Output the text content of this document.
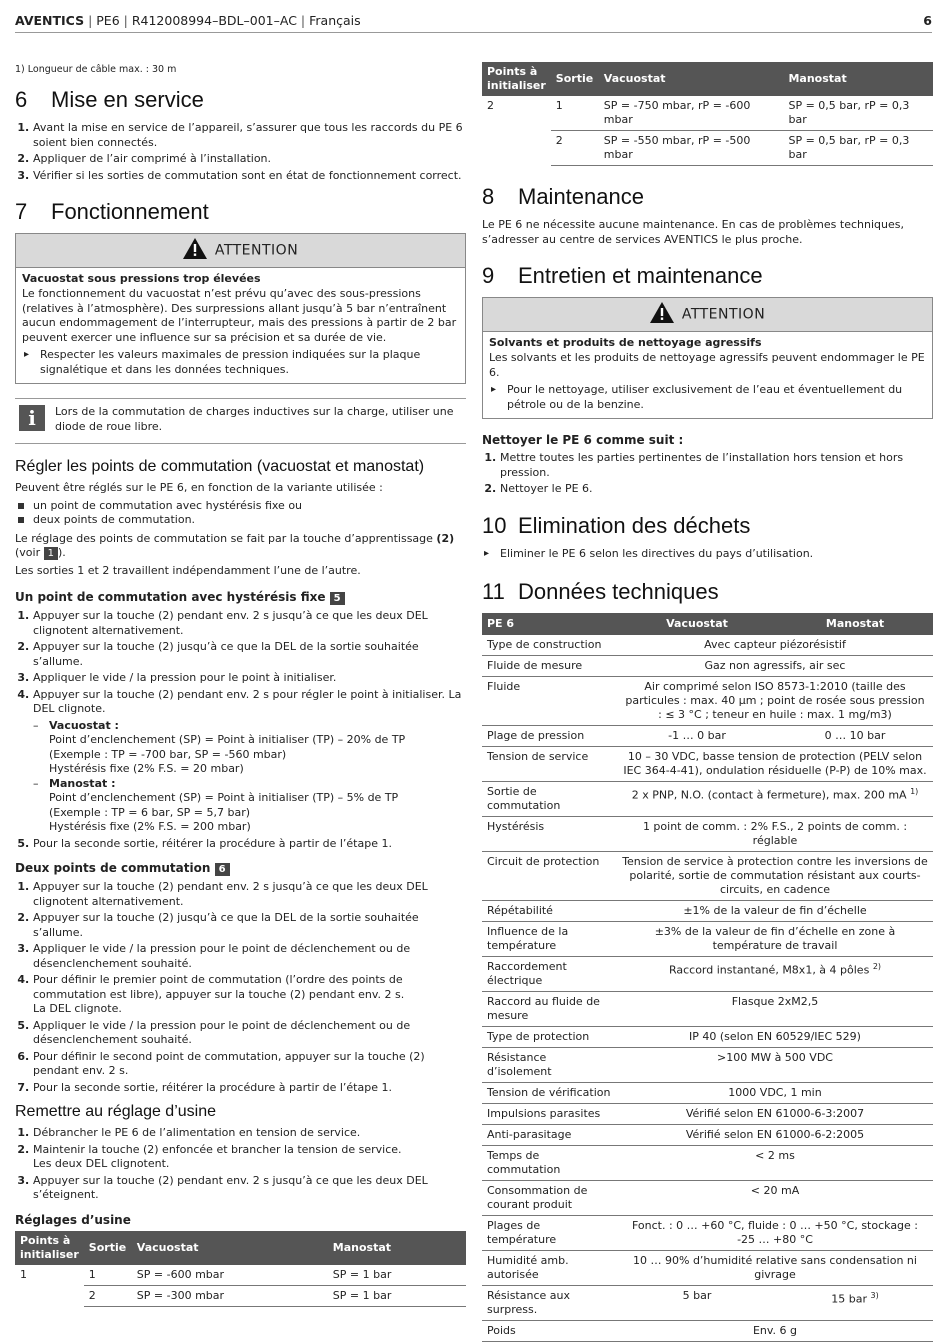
AVENTICS | PE6 | R412008994–BDL–001–AC | Français	6
1) Longueur de câble max. : 30 m
6 Mise en service
1. Avant la mise en service de l’appareil, s’assurer que tous les raccords du PE 6 soient bien connectés.
2. Appliquer de l’air comprimé à l’installation.
3. Vérifier si les sorties de commutation sont en état de fonctionnement correct.
7 Fonctionnement
ATTENTION
Vacuostat sous pressions trop élevées

Le fonctionnement du vacuostat n’est prévu qu’avec des sous-pressions (relatives à l’atmosphère). Des surpressions allant jusqu’à 5 bar n’entraînent aucun endommagement de l’interrupteur, mais des pressions à partir de 2 bar peuvent exercer une influence sur sa précision et sa durée de vie.

▸ Respecter les valeurs maximales de pression indiquées sur la plaque signalétique et dans les données techniques.
i	Lors de la commutation de charges inductives sur la charge, utiliser une diode de roue libre.

Régler les points de commutation (vacuostat et manostat)

Peuvent être réglés sur le PE 6, en fonction de la variante utilisée :

un point de commutation avec hystérésis fixe ou
deux points de commutation.

Le réglage des points de commutation se fait par la touche d’apprentissage (2) (voir 1 ).

Les sorties 1 et 2 travaillent indépendamment l’une de l’autre.

Un point de commutation avec hystérésis fixe 5
1. Appuyer sur la touche (2) pendant env. 2 s jusqu’à ce que les deux DEL clignotent alternativement.
2. Appuyer sur la touche (2) jusqu’à ce que la DEL de la sortie souhaitée s’allume.
3. Appliquer le vide / la pression pour le point à initialiser.
4. Appuyer sur la touche (2) pendant env. 2 s pour régler le point à initialiser. La DEL clignote.
– Vacuostat :
Point d’enclenchement (SP) = Point à initialiser (TP) – 20% de TP
(Exemple : TP = -700 bar, SP = -560 mbar)
Hystérésis fixe (2% F.S. = 20 mbar)
– Manostat :
Point d’enclenchement (SP) = Point à initialiser (TP) – 5% de TP
(Exemple : TP = 6 bar, SP = 5,7 bar)
Hystérésis fixe (2% F.S. = 200 mbar)
5. Pour la seconde sortie, réitérer la procédure à partir de l’étape 1.
Deux points de commutation 6
1. Appuyer sur la touche (2) pendant env. 2 s jusqu’à ce que les deux DEL clignotent alternativement.
2. Appuyer sur la touche (2) jusqu’à ce que la DEL de la sortie souhaitée s’allume.
3. Appliquer le vide / la pression pour le point de déclenchement ou de désenclenchement souhaité.
4. Pour définir le premier point de commutation (l’ordre des points de commutation est libre), appuyer sur la touche (2) pendant env. 2 s.
La DEL clignote.
5. Appliquer le vide / la pression pour le point de déclenchement ou de désenclenchement souhaité.
6. Pour définir le second point de commutation, appuyer sur la touche (2) pendant env. 2 s.
7. Pour la seconde sortie, réitérer la procédure à partir de l’étape 1.
Remettre au réglage d’usine
1. Débrancher le PE 6 de l’alimentation en tension de service.
2. Maintenir la touche (2) enfoncée et brancher la tension de service.
Les deux DEL clignotent.
3. Appuyer sur la touche (2) pendant env. 2 s jusqu’à ce que les deux DEL s’éteignent.
Réglages d’usine
Points à initialiser	Sortie	Vacuostat	Manostat
1	1	SP = -600 mbar	SP = 1 bar
	2	SP = -300 mbar	SP = 1 bar
Points à initialiser	Sortie	Vacuostat	Manostat
2	1	SP = -750 mbar, rP = -600 mbar	SP = 0,5 bar, rP = 0,3 bar
	2	SP = -550 mbar, rP = -500 mbar	SP = 0,5 bar, rP = 0,3 bar
8 Maintenance

Le PE 6 ne nécessite aucune maintenance. En cas de problèmes techniques, s’adresser au centre de services AVENTICS le plus proche.

9 Entretien et maintenance
ATTENTION
Solvants et produits de nettoyage agressifs

Les solvants et les produits de nettoyage agressifs peuvent endommager le PE 6.

▸ Pour le nettoyage, utiliser exclusivement de l’eau et éventuellement du pétrole ou de la benzine.
Nettoyer le PE 6 comme suit :
1. Mettre toutes les parties pertinentes de l’installation hors tension et hors pression.
2. Nettoyer le PE 6.
10 Elimination des déchets
▸ Eliminer le PE 6 selon les directives du pays d’utilisation.
11 Données techniques
PE 6	Vacuostat	Manostat
Type de construction	Avec capteur piézorésistif	
Fluide de mesure	Gaz non agressifs, air sec	
Fluide	Air comprimé selon ISO 8573-1:2010 (taille des particules : max. 40 µm ; point de rosée sous pression : ≤ 3 °C ; teneur en huile : max. 1 mg/m3)	
Plage de pression	-1 … 0 bar	0 … 10 bar
Tension de service	10 – 30 VDC, basse tension de protection (PELV selon IEC 364-4-41), ondulation résiduelle (P-P) de 10% max.	
Sortie de commutation	2 x PNP, N.O. (contact à fermeture), max. 200 mA $^{1)}$
Hystérésis	1 point de comm. : 2% F.S., 2 points de comm. : réglable	
Circuit de protection	Tension de service à protection contre les inversions de polarité, sortie de commutation résistant aux courts-circuits, en cadence	
Répétabilité	±1% de la valeur de fin d’échelle	
Influence de la température	±3% de la valeur de fin d’échelle en zone à température de travail	
Raccordement électrique	Raccord instantané, M8x1, à 4 pôles $^{2)}$
Raccord au fluide de mesure	Flasque 2xM2,5	
Type de protection	IP 40 (selon EN 60529/IEC 529)	
Résistance d’isolement	>100 MW à 500 VDC	
Tension de vérification	1000 VDC, 1 min	
Impulsions parasites	Vérifié selon EN 61000-6-3:2007	
Anti-parasitage	Vérifié selon EN 61000-6-2:2005	
Temps de commutation	< 2 ms	
Consommation de courant produit	< 20 mA	
Plages de température	Fonct. : 0 … +60 °C, fluide : 0 … +50 °C, stockage : -25 … +80 °C	
Humidité amb. autorisée	10 … 90% d’humidité relative sans condensation ni givrage	
Résistance aux surpress.	5 bar	15 bar $^{3)}$
Poids	Env. 6 g	
